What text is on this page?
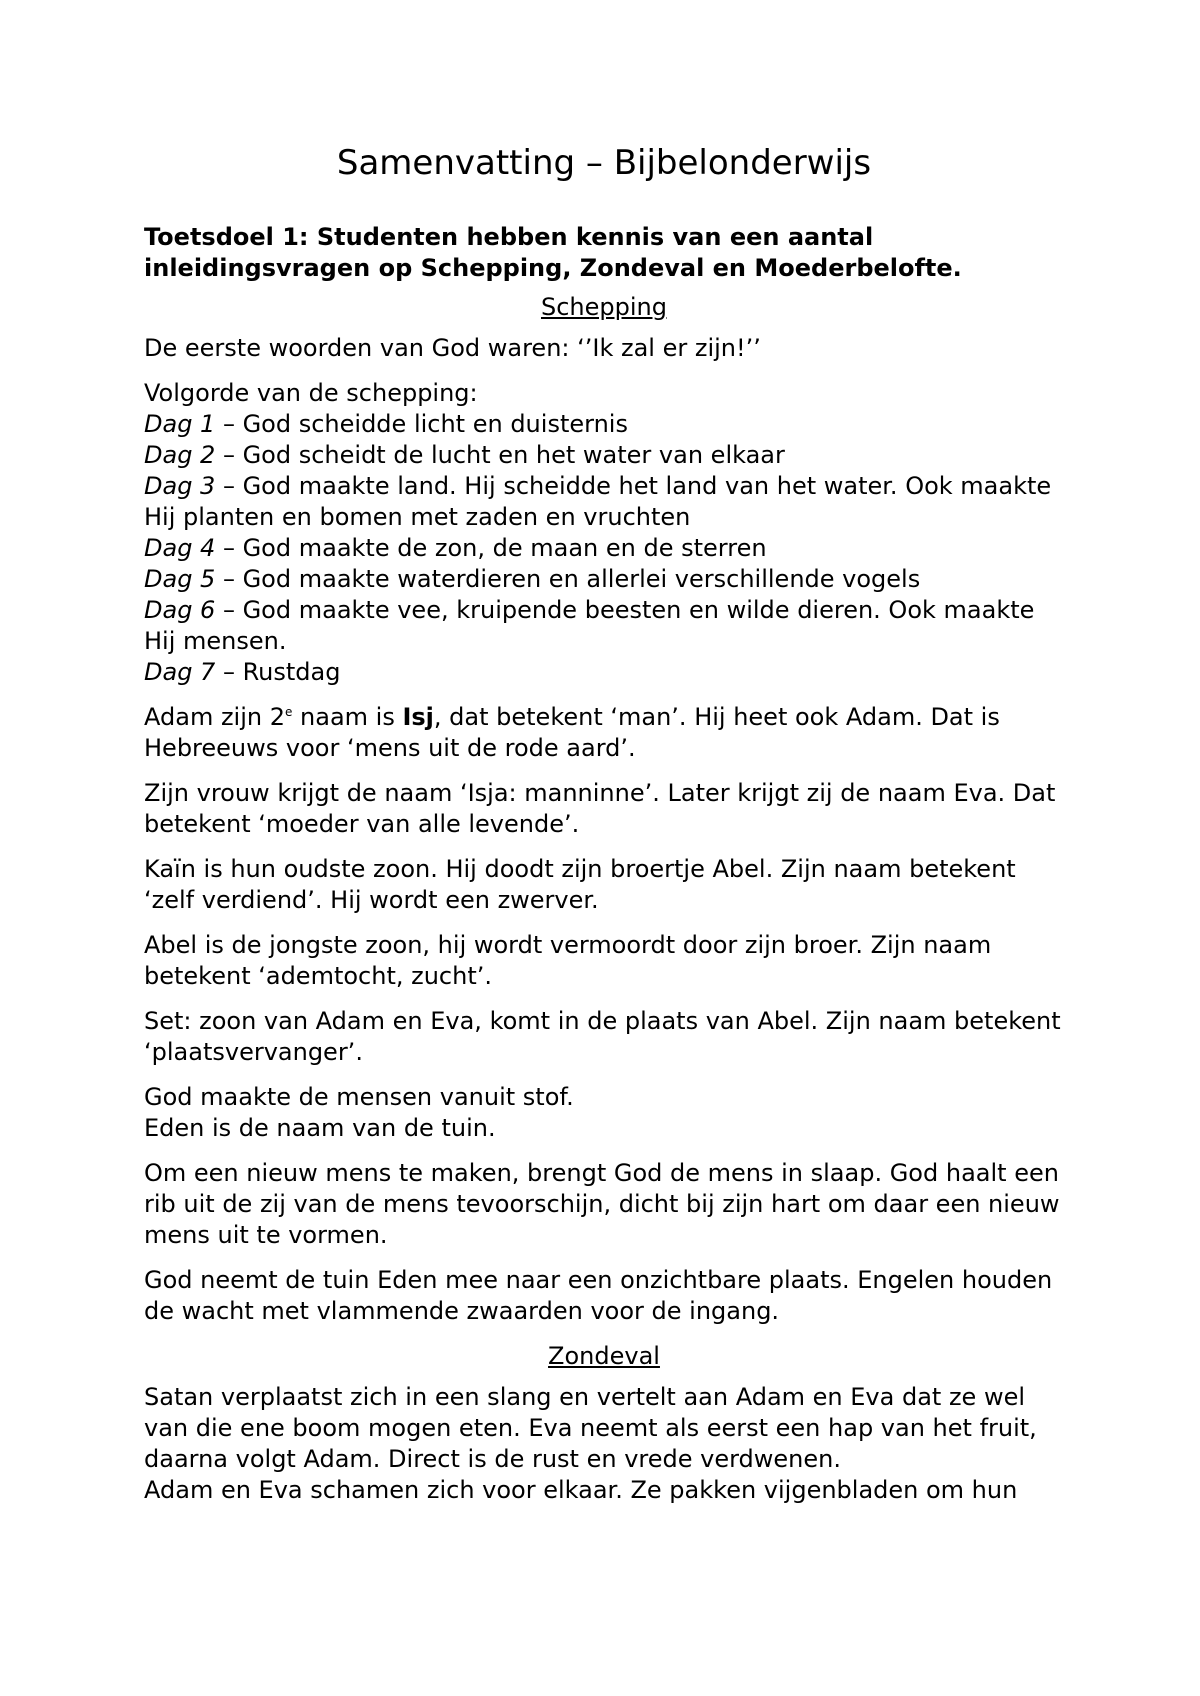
Samenvatting – Bijbelonderwijs

Toetsdoel 1: Studenten hebben kennis van een aantal inleidingsvragen op Schepping, Zondeval en Moederbelofte.

Schepping

De eerste woorden van God waren: ‘’Ik zal er zijn!’’

Volgorde van de schepping:
Dag 1 – God scheidde licht en duisternis
Dag 2 – God scheidt de lucht en het water van elkaar
Dag 3 – God maakte land. Hij scheidde het land van het water. Ook maakte Hij planten en bomen met zaden en vruchten
Dag 4 – God maakte de zon, de maan en de sterren
Dag 5 – God maakte waterdieren en allerlei verschillende vogels
Dag 6 – God maakte vee, kruipende beesten en wilde dieren. Ook maakte Hij mensen.
Dag 7 – Rustdag

Adam zijn 2e naam is Isj, dat betekent ‘man’. Hij heet ook Adam. Dat is Hebreeuws voor ‘mens uit de rode aard’.

Zijn vrouw krijgt de naam ‘Isja: manninne’. Later krijgt zij de naam Eva. Dat betekent ‘moeder van alle levende’.

Kaïn is hun oudste zoon. Hij doodt zijn broertje Abel. Zijn naam betekent ‘zelf verdiend’. Hij wordt een zwerver.

Abel is de jongste zoon, hij wordt vermoordt door zijn broer. Zijn naam betekent ‘ademtocht, zucht’.

Set: zoon van Adam en Eva, komt in de plaats van Abel. Zijn naam betekent ‘plaatsvervanger’.

God maakte de mensen vanuit stof.
Eden is de naam van de tuin.

Om een nieuw mens te maken, brengt God de mens in slaap. God haalt een rib uit de zij van de mens tevoorschijn, dicht bij zijn hart om daar een nieuw mens uit te vormen.

God neemt de tuin Eden mee naar een onzichtbare plaats. Engelen houden de wacht met vlammende zwaarden voor de ingang.

Zondeval

Satan verplaatst zich in een slang en vertelt aan Adam en Eva dat ze wel van die ene boom mogen eten. Eva neemt als eerst een hap van het fruit, daarna volgt Adam. Direct is de rust en vrede verdwenen.
Adam en Eva schamen zich voor elkaar. Ze pakken vijgenbladen om hun
